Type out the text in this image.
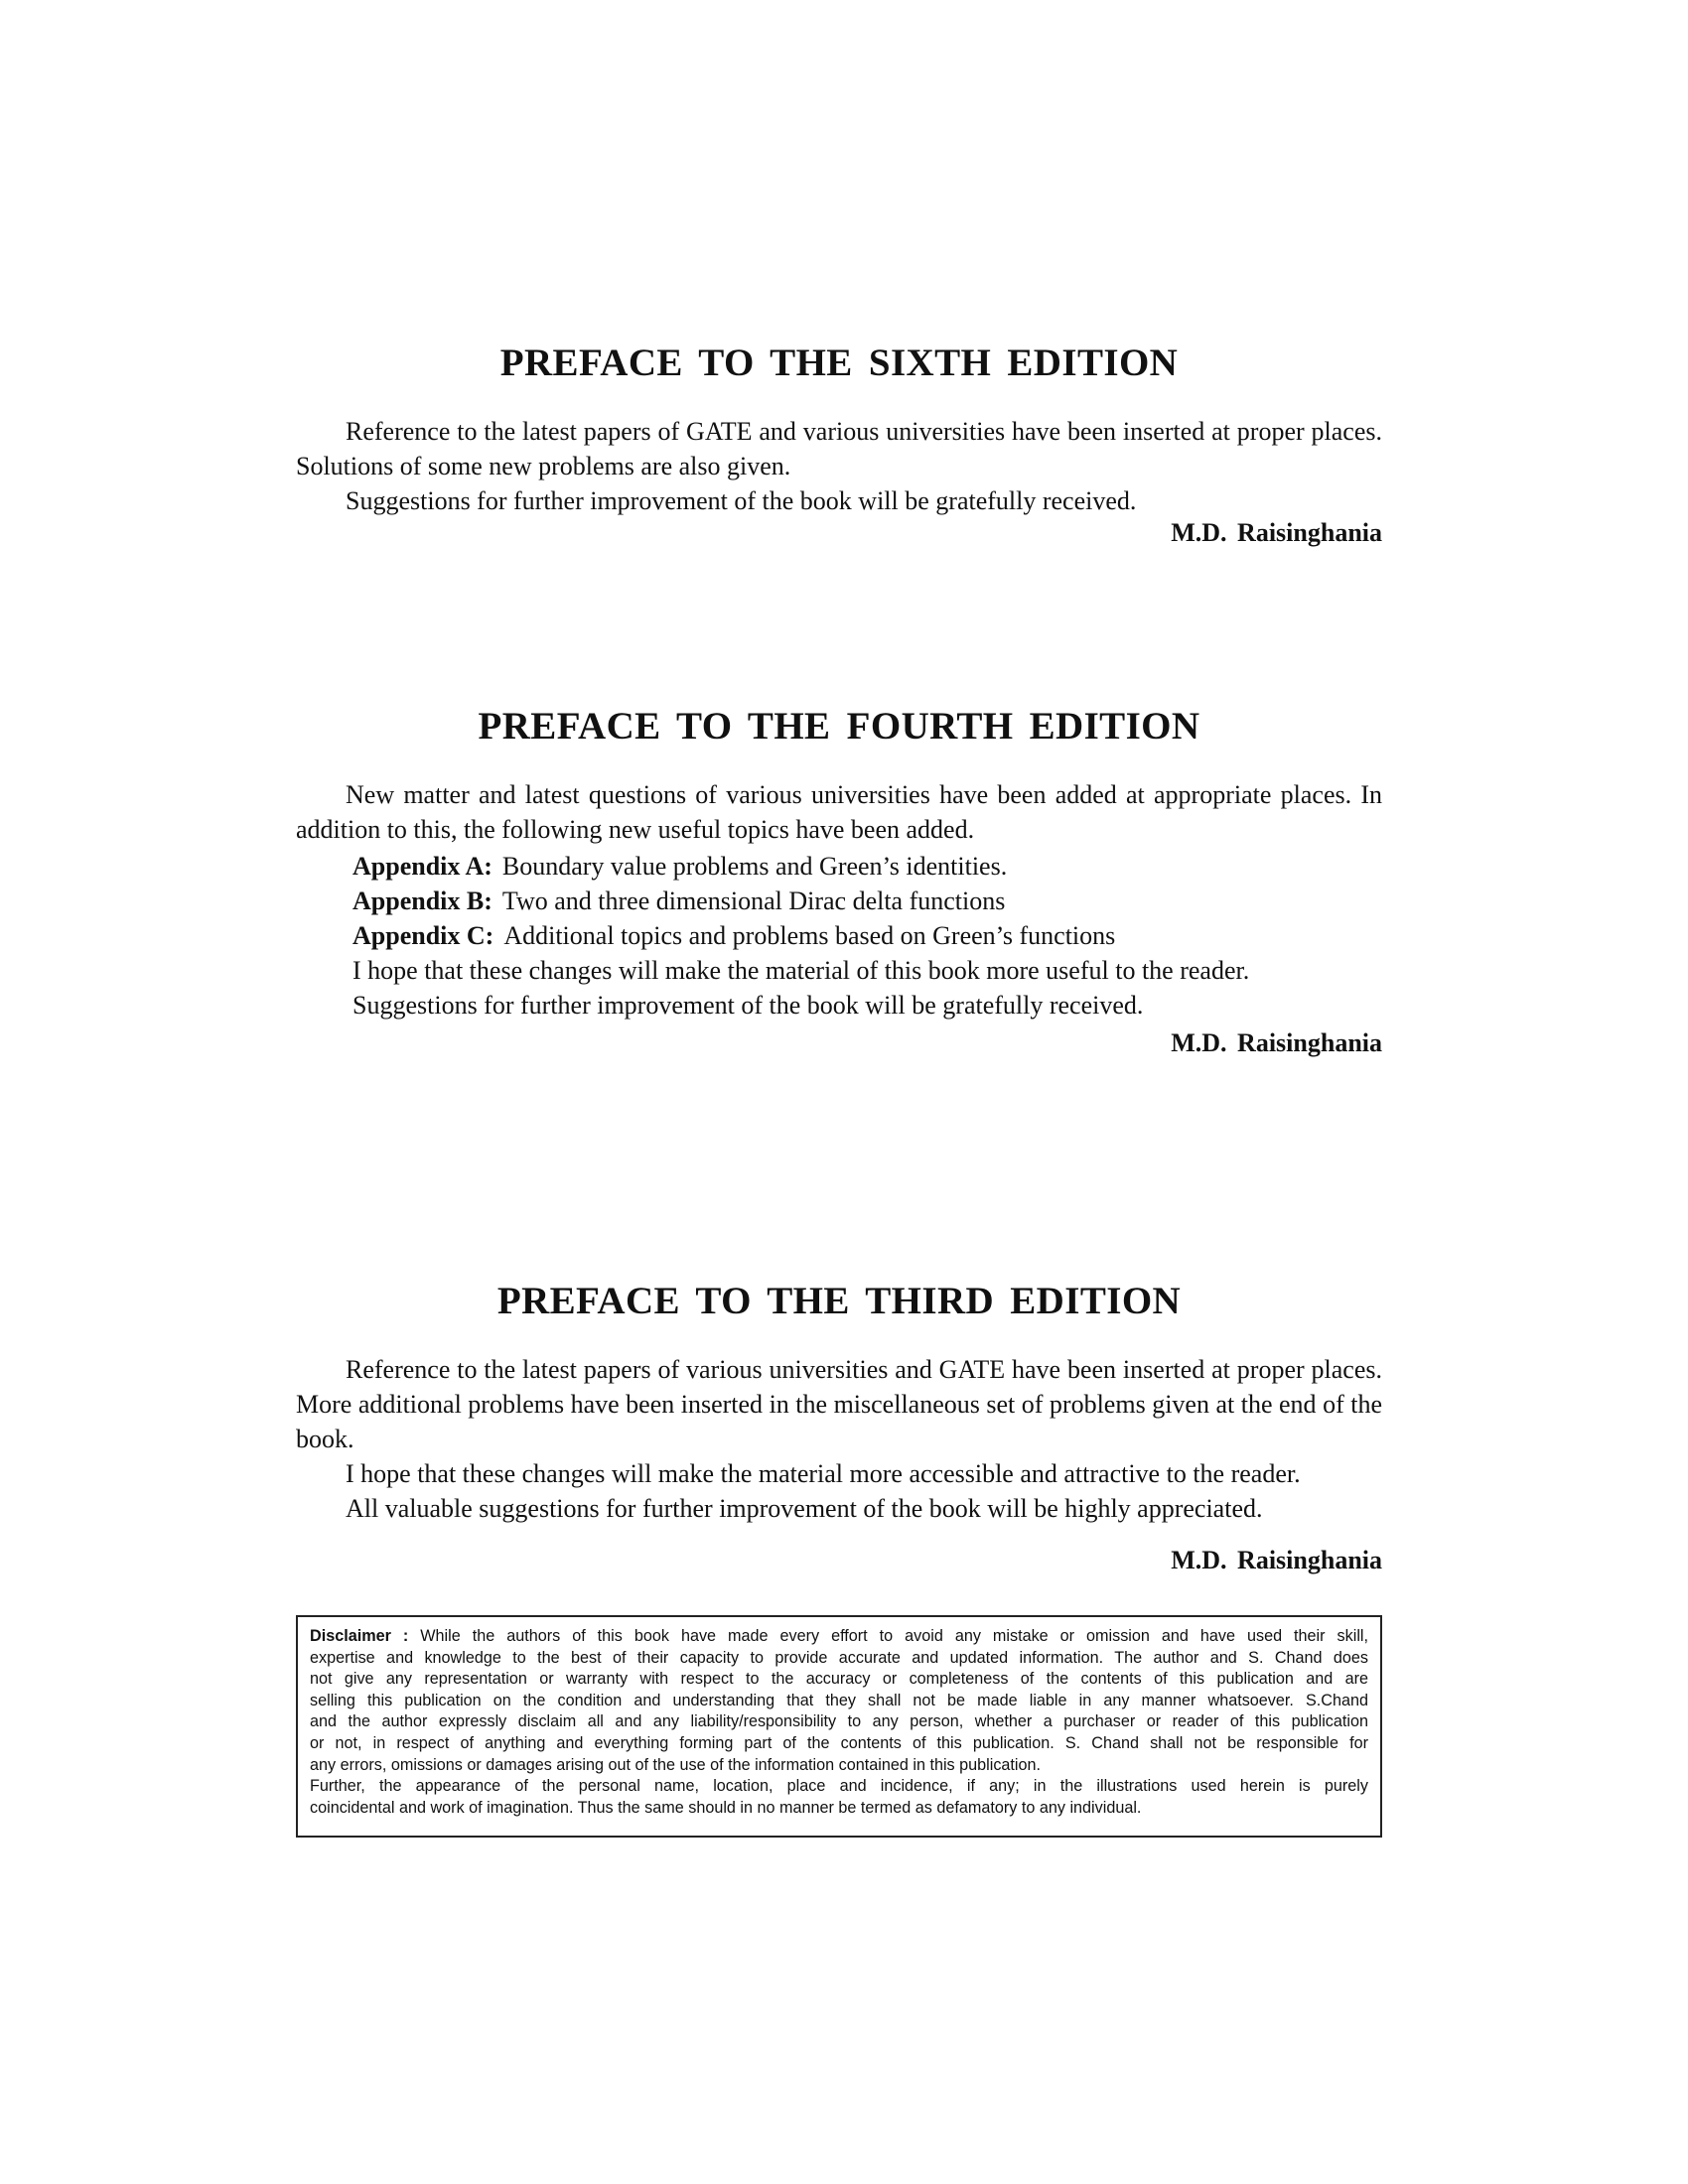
PREFACE TO THE SIXTH EDITION

Reference to the latest papers of GATE and various universities have been inserted at proper places. Solutions of some new problems are also given.

Suggestions for further improvement of the book will be gratefully received.

M.D. Raisinghania

PREFACE TO THE FOURTH EDITION

New matter and latest questions of various universities have been added at appropriate places. In addition to this, the following new useful topics have been added.

Appendix A: Boundary value problems and Green’s identities.

Appendix B: Two and three dimensional Dirac delta functions

Appendix C: Additional topics and problems based on Green’s functions

I hope that these changes will make the material of this book more useful to the reader.

Suggestions for further improvement of the book will be gratefully received.

M.D. Raisinghania

PREFACE TO THE THIRD EDITION

Reference to the latest papers of various universities and GATE have been inserted at proper places. More additional problems have been inserted in the miscellaneous set of problems given at the end of the book.

I hope that these changes will make the material more accessible and attractive to the reader.

All valuable suggestions for further improvement of the book will be highly appreciated.

M.D. Raisinghania

Disclaimer : While the authors of this book have made every effort to avoid any mistake or omission and have used their skill,

expertise and knowledge to the best of their capacity to provide accurate and updated information. The author and S. Chand does

not give any representation or warranty with respect to the accuracy or completeness of the contents of this publication and are

selling this publication on the condition and understanding that they shall not be made liable in any manner whatsoever. S.Chand

and the author expressly disclaim all and any liability/responsibility to any person, whether a purchaser or reader of this publication

or not, in respect of anything and everything forming part of the contents of this publication. S. Chand shall not be responsible for

any errors, omissions or damages arising out of the use of the information contained in this publication.

Further, the appearance of the personal name, location, place and incidence, if any; in the illustrations used herein is purely

coincidental and work of imagination. Thus the same should in no manner be termed as defamatory to any individual.
